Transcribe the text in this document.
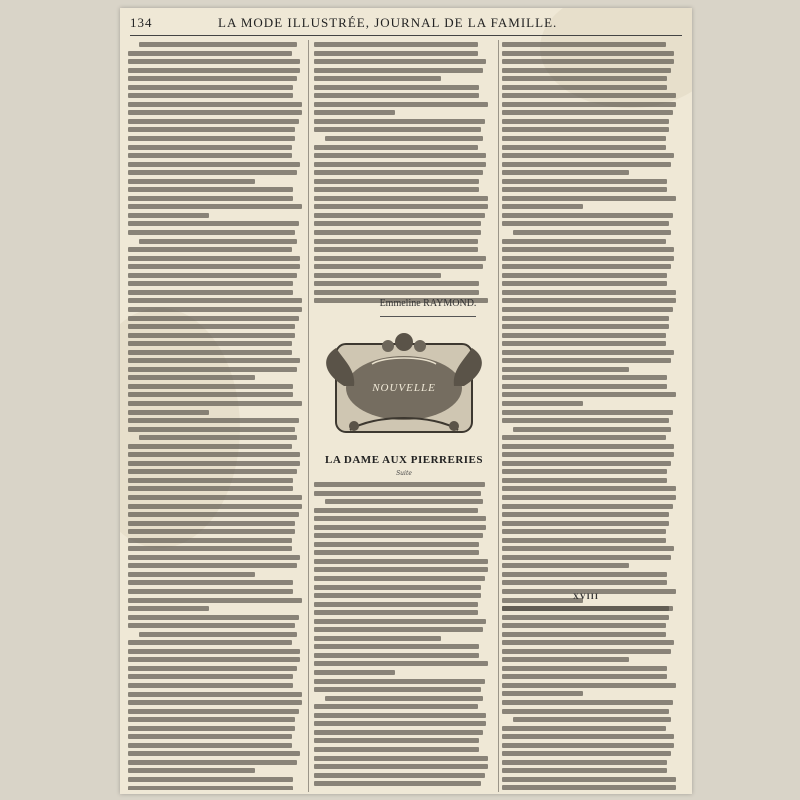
134	LA MODE ILLUSTRÉE, JOURNAL DE LA FAMILLE.
Emmeline RAYMOND.
NOUVELLE
LA DAME AUX PIERRERIES
Suite
XVIII
